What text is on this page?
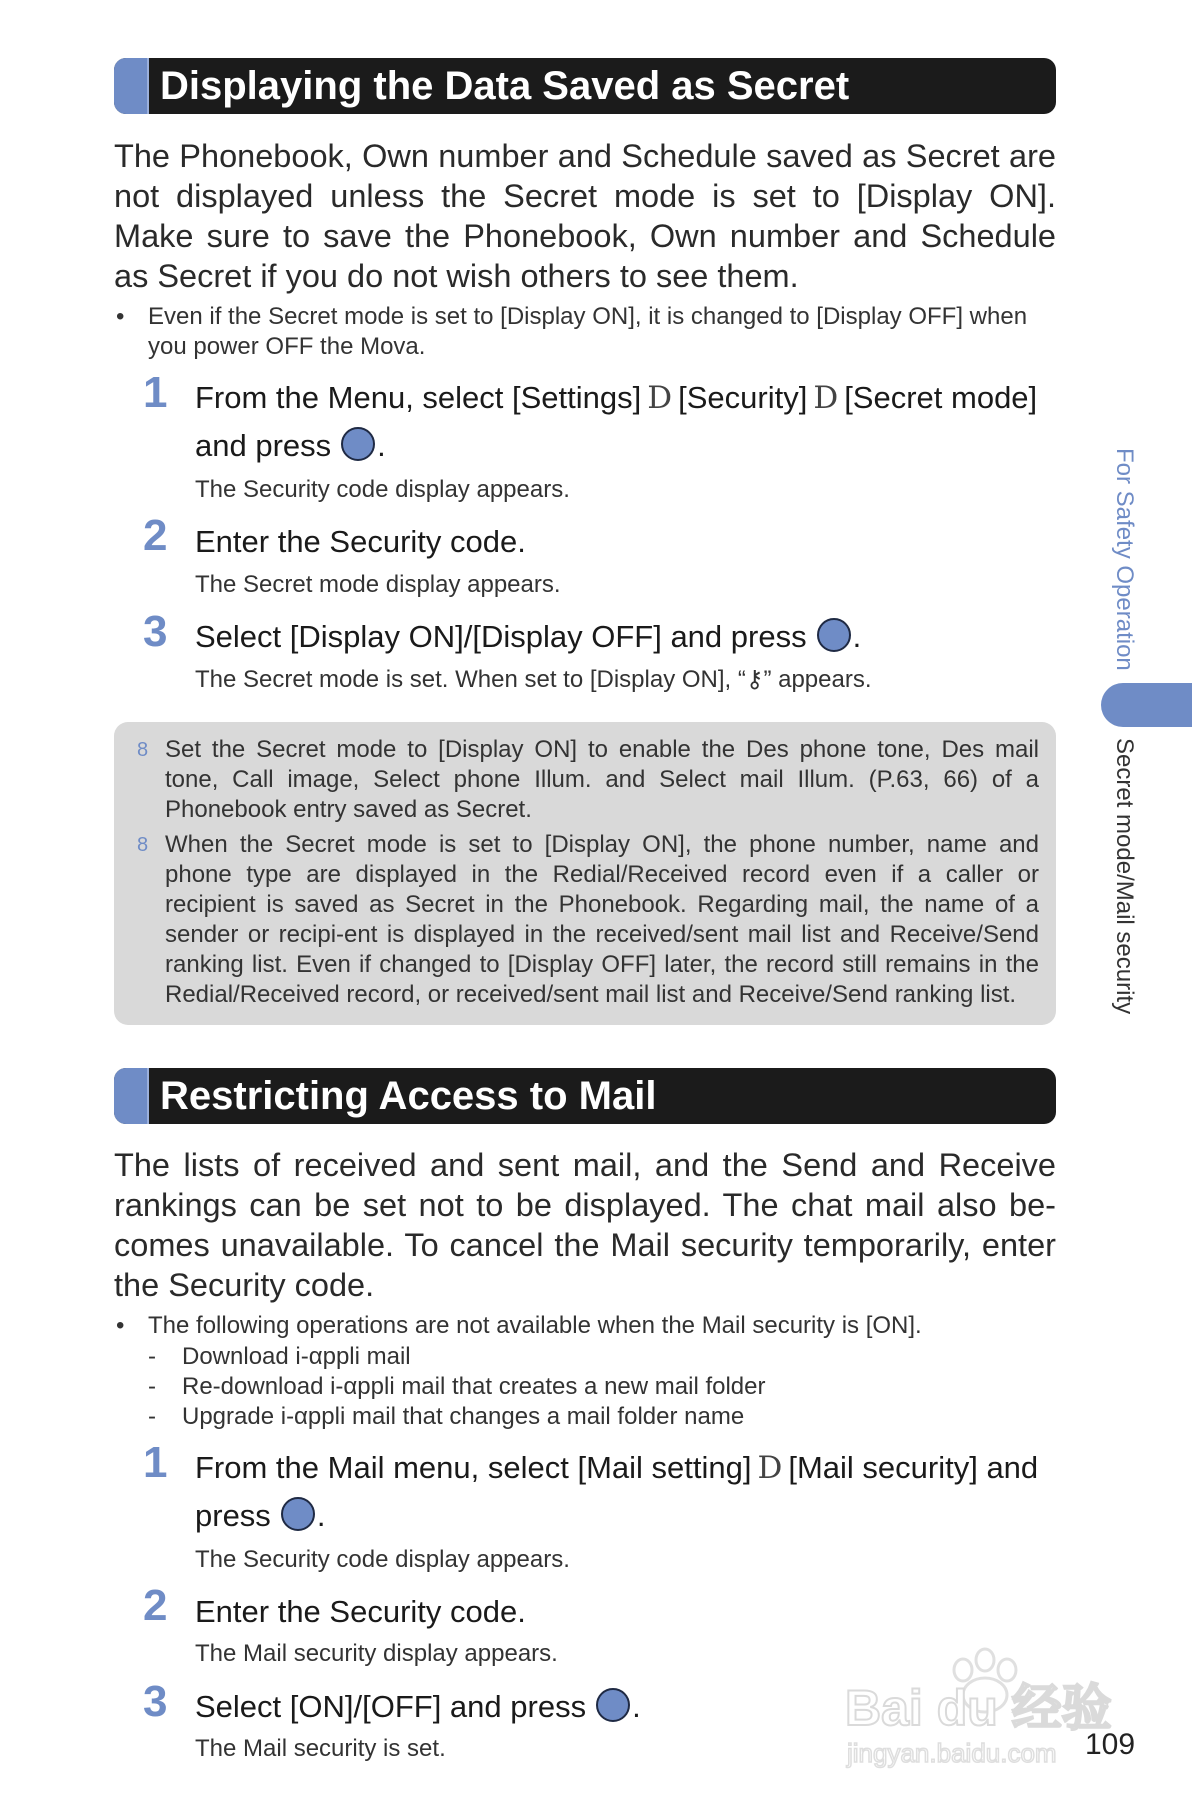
Displaying the Data Saved as Secret

The Phonebook, Own number and Schedule saved as Secret are not displayed unless the Secret mode is set to [Display ON]. Make sure to save the Phonebook, Own number and Schedule as Secret if you do not wish others to see them.

• Even if the Secret mode is set to [Display ON], it is changed to [Display OFF] when you power OFF the Mova.

1 From the Menu, select [Settings] D [Security] D [Secret mode] and press .

The Security code display appears.

2 Enter the Security code.

The Secret mode display appears.

3 Select [Display ON]/[Display OFF] and press .

The Secret mode is set. When set to [Display ON], “⚷” appears.

8 Set the Secret mode to [Display ON] to enable the Des phone tone, Des mail tone, Call image, Select phone Illum. and Select mail Illum. (P.63, 66) of a Phonebook entry saved as Secret.

8 When the Secret mode is set to [Display ON], the phone number, name and phone type are displayed in the Redial/Received record even if a caller or recipient is saved as Secret in the Phonebook. Regarding mail, the name of a sender or recipi-ent is displayed in the received/sent mail list and Receive/Send ranking list. Even if changed to [Display OFF] later, the record still remains in the Redial/Received record, or received/sent mail list and Receive/Send ranking list.

Restricting Access to Mail

The lists of received and sent mail, and the Send and Receive rankings can be set not to be displayed. The chat mail also be-comes unavailable. To cancel the Mail security temporarily, enter the Security code.

• The following operations are not available when the Mail security is [ON].

- Download i-αppli mail
- Re-download i-αppli mail that creates a new mail folder
- Upgrade i-αppli mail that changes a mail folder name
1 From the Mail menu, select [Mail setting] D [Mail security] and press .

The Security code display appears.

2 Enter the Security code.

The Mail security display appears.

3 Select [ON]/[OFF] and press .

The Mail security is set.

For Safety Operation
Secret mode/Mail security
Bai du 经验
jingyan.baidu.com 109
